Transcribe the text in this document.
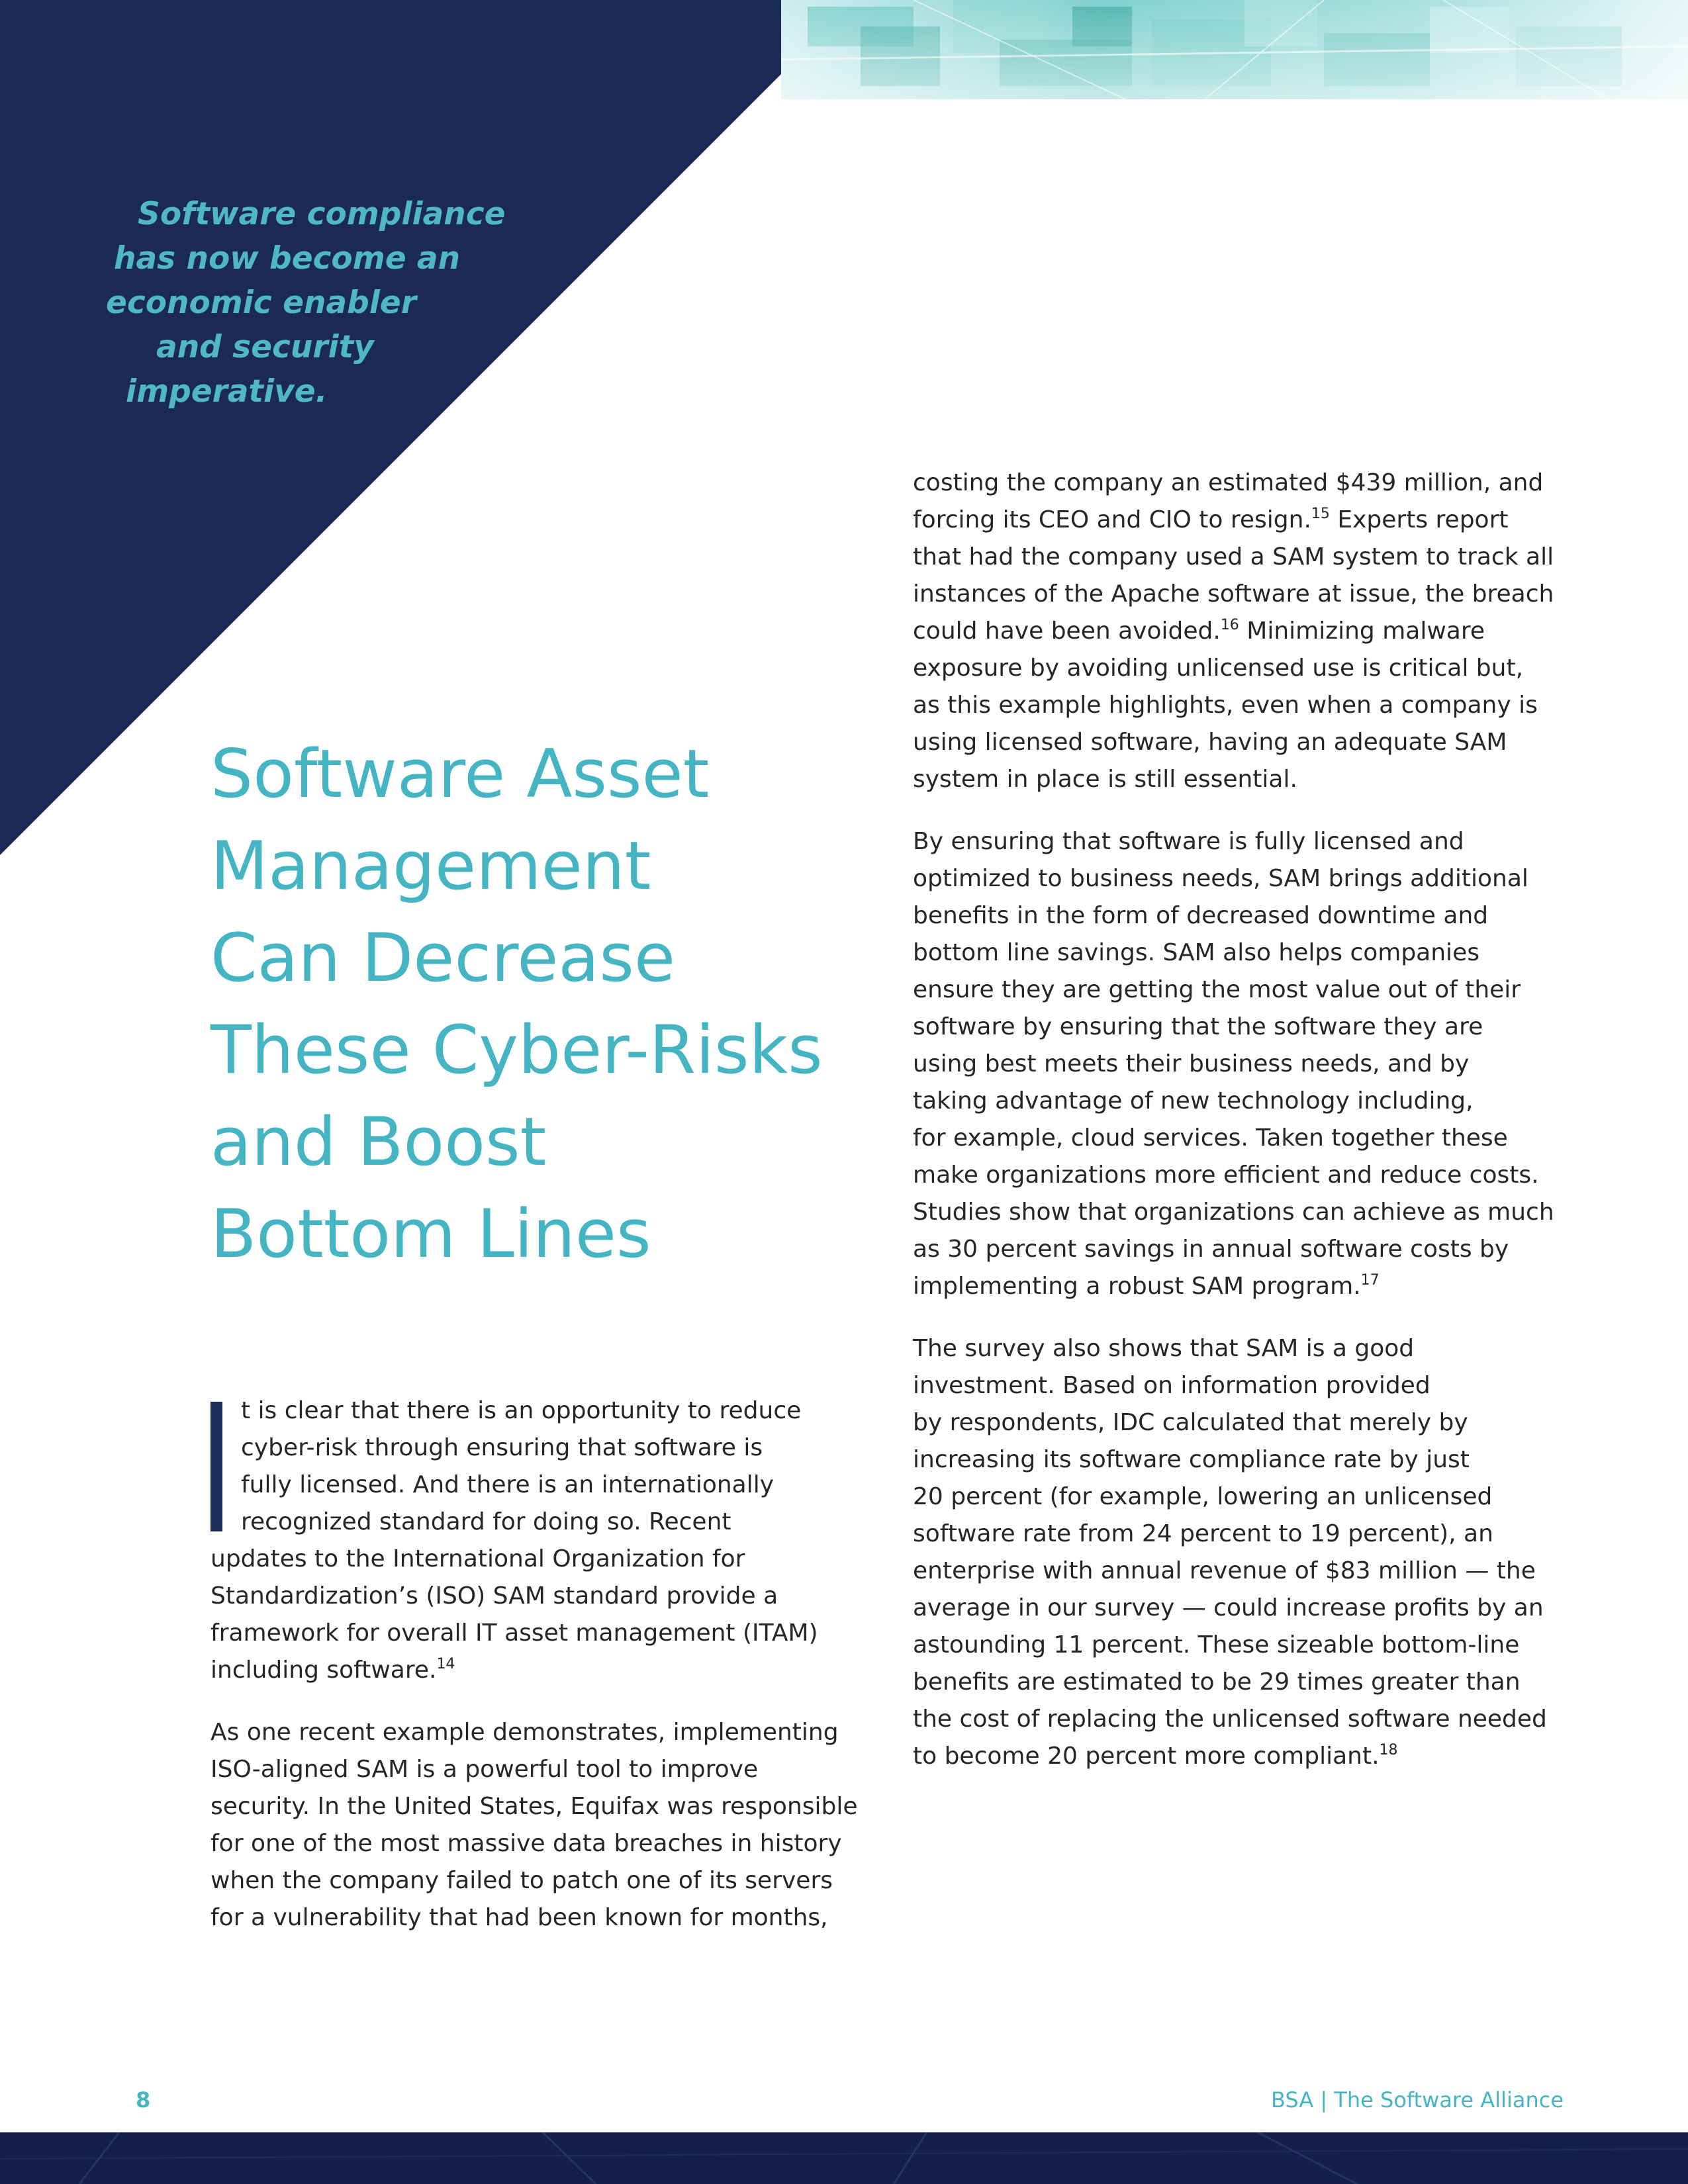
Software compliance
has now become an
economic enabler
and security
imperative.
Software Asset
Management
Can Decrease
These Cyber-Risks
and Boost
Bottom Lines

t is clear that there is an opportunity to reduce
cyber-risk through ensuring that software is
fully licensed. And there is an internationally
recognized standard for doing so. Recent
updates to the International Organization for
Standardization’s (ISO) SAM standard provide a
framework for overall IT asset management (ITAM)
including software.$^{14}$

As one recent example demonstrates, implementing
ISO-aligned SAM is a powerful tool to improve
security. In the United States, Equifax was responsible
for one of the most massive data breaches in history
when the company failed to patch one of its servers
for a vulnerability that had been known for months,

costing the company an estimated $439 million, and
forcing its CEO and CIO to resign.$^{15}$ Experts report
that had the company used a SAM system to track all
instances of the Apache software at issue, the breach
could have been avoided.$^{16}$ Minimizing malware
exposure by avoiding unlicensed use is critical but,
as this example highlights, even when a company is
using licensed software, having an adequate SAM
system in place is still essential.

By ensuring that software is fully licensed and
optimized to business needs, SAM brings additional
benefits in the form of decreased downtime and
bottom line savings. SAM also helps companies
ensure they are getting the most value out of their
software by ensuring that the software they are
using best meets their business needs, and by
taking advantage of new technology including,
for example, cloud services. Taken together these
make organizations more efficient and reduce costs.
Studies show that organizations can achieve as much
as 30 percent savings in annual software costs by
implementing a robust SAM program.$^{17}$

The survey also shows that SAM is a good
investment. Based on information provided
by respondents, IDC calculated that merely by
increasing its software compliance rate by just
20 percent (for example, lowering an unlicensed
software rate from 24 percent to 19 percent), an
enterprise with annual revenue of $83 million — the
average in our survey — could increase profits by an
astounding 11 percent. These sizeable bottom-line
benefits are estimated to be 29 times greater than
the cost of replacing the unlicensed software needed
to become 20 percent more compliant.$^{18}$

8	BSA | The Software Alliance
